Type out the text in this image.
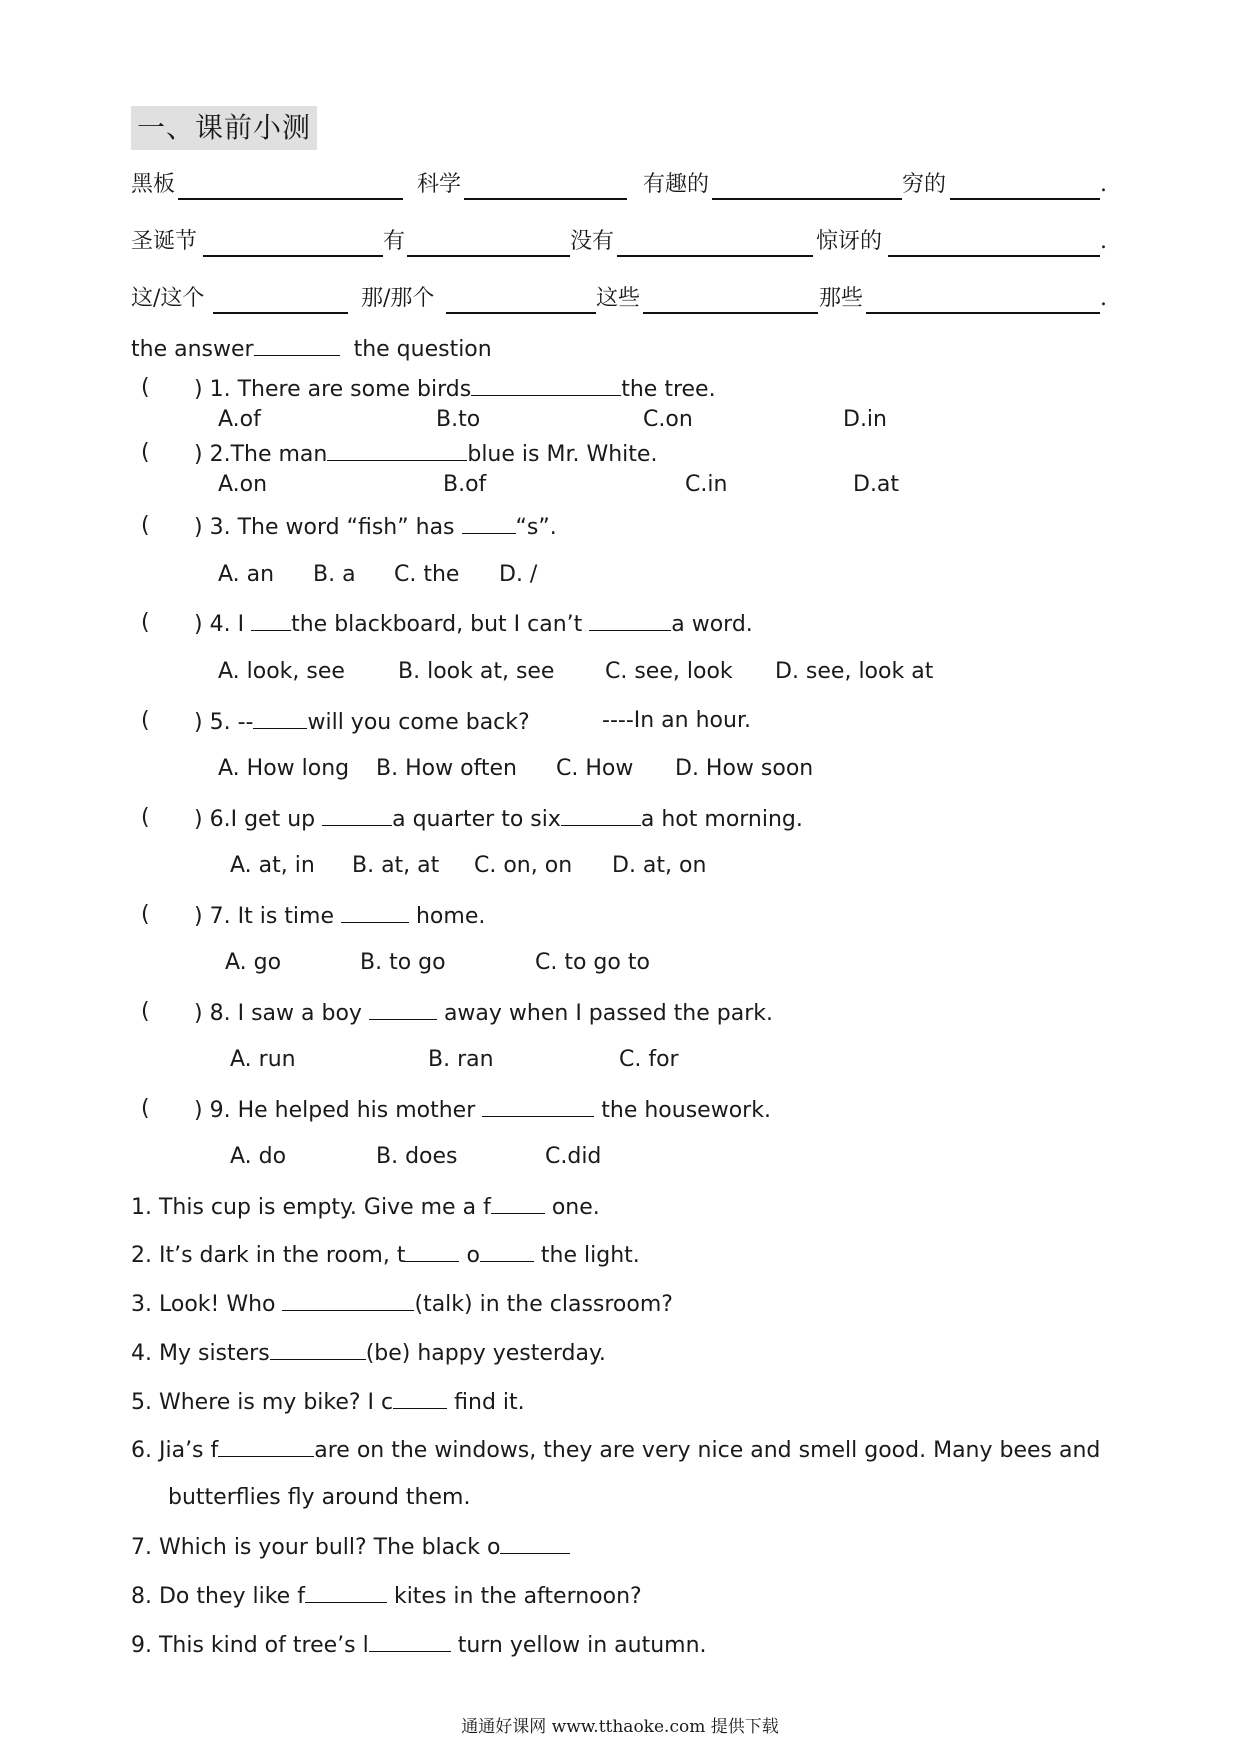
一、课前小测
黑板	科学	有趣的	穷的	.
圣诞节	有	没有	惊讶的	.
这/这个	那/那个	这些	那些	.
the answer	the question
( ) 1. There are some birds	the tree.
A.of	B.to	C.on	D.in
( ) 2.The man	blue is Mr. White.
A.on	B.of	C.in	D.at
( ) 3. The word “fish” has	“s”.
A. an B. a C. the D. /
( ) 4. I the blackboard, but I can’t	a word.
A. look, see B. look at, see C. see, look D. see, look at
( ) 5. -- will you come back?	----In an hour.
A. How long B. How often C. How D. How soon
( ) 6.I get up	a quarter to six	a hot morning.
A. at, in B. at, at C. on, on D. at, on
( ) 7. It is time	home.
A. go	B. to go	C. to go to
( ) 8. I saw a boy	away when I passed the park.
A. run	B. ran	C. for
( ) 9. He helped his mother	the housework.
A. do	B. does	C.did
1. This cup is empty. Give me a f	one.
2. It’s dark in the room, t	o	the light.
3. Look! Who	(talk) in the classroom?
4. My sisters	(be) happy yesterday.
5. Where is my bike? I c	find it.
6. Jia’s f	are on the windows, they are very nice and smell good. Many bees and
butterflies fly around them.
7. Which is your bull? The black o
8. Do they like f	kites in the afternoon?
9. This kind of tree’s l	turn yellow in autumn.
通通好课网 www.tthaoke.com 提供下载
